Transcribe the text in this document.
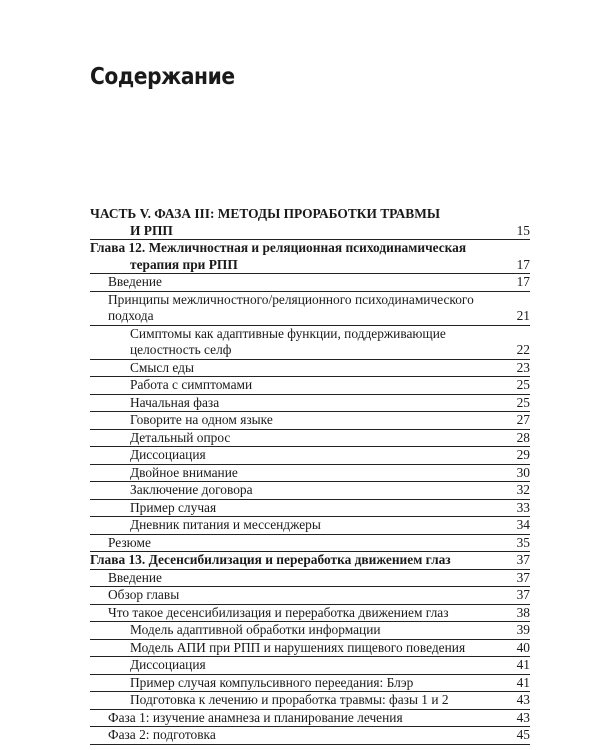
Содержание
ЧАСТЬ V. ФАЗА III: МЕТОДЫ ПРОРАБОТКИ ТРАВМЫ
И РПП	15
Глава 12. Межличностная и реляционная психодинамическая
терапия при РПП	17
Введение	17
Принципы межличностного/реляционного психодинамического
подхода	21
Симптомы как адаптивные функции, поддерживающие
целостность селф	22
Смысл еды	23
Работа с симптомами	25
Начальная фаза	25
Говорите на одном языке	27
Детальный опрос	28
Диссоциация	29
Двойное внимание	30
Заключение договора	32
Пример случая	33
Дневник питания и мессенджеры	34
Резюме	35
Глава 13. Десенсибилизация и переработка движением глаз	37
Введение	37
Обзор главы	37
Что такое десенсибилизация и переработка движением глаз	38
Модель адаптивной обработки информации	39
Модель АПИ при РПП и нарушениях пищевого поведения	40
Диссоциация	41
Пример случая компульсивного переедания: Блэр	41
Подготовка к лечению и проработка травмы: фазы 1 и 2	43
Фаза 1: изучение анамнеза и планирование лечения	43
Фаза 2: подготовка	45
